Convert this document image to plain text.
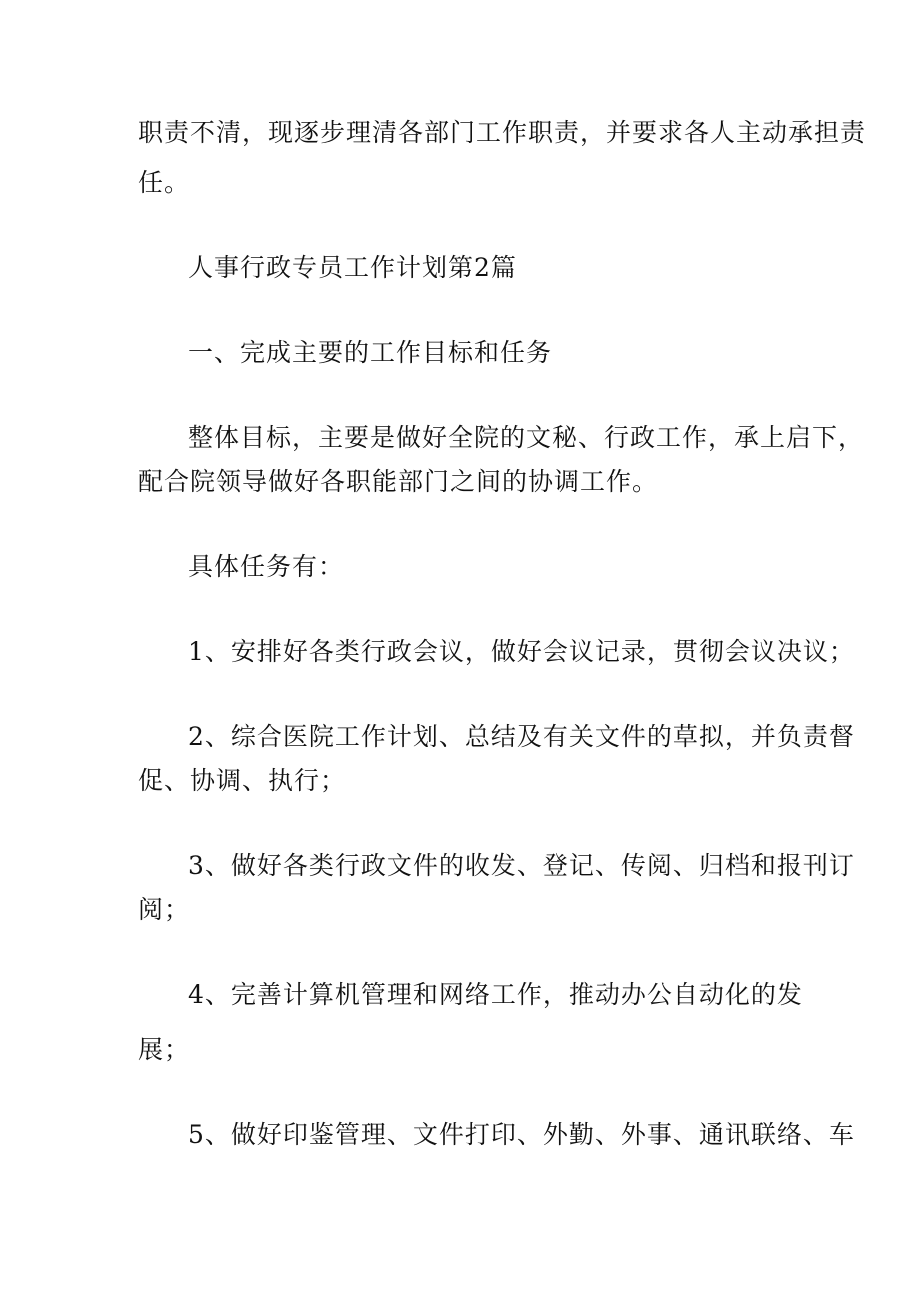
职责不清，现逐步理清各部门工作职责，并要求各人主动承担责
任。
人事行政专员工作计划第2篇
一、完成主要的工作目标和任务
整体目标，主要是做好全院的文秘、行政工作，承上启下，
配合院领导做好各职能部门之间的协调工作。
具体任务有：
1、安排好各类行政会议，做好会议记录，贯彻会议决议；
2、综合医院工作计划、总结及有关文件的草拟，并负责督
促、协调、执行；
3、做好各类行政文件的收发、登记、传阅、归档和报刊订
阅；
4、完善计算机管理和网络工作，推动办公自动化的发
展；
5、做好印鉴管理、文件打印、外勤、外事、通讯联络、车
